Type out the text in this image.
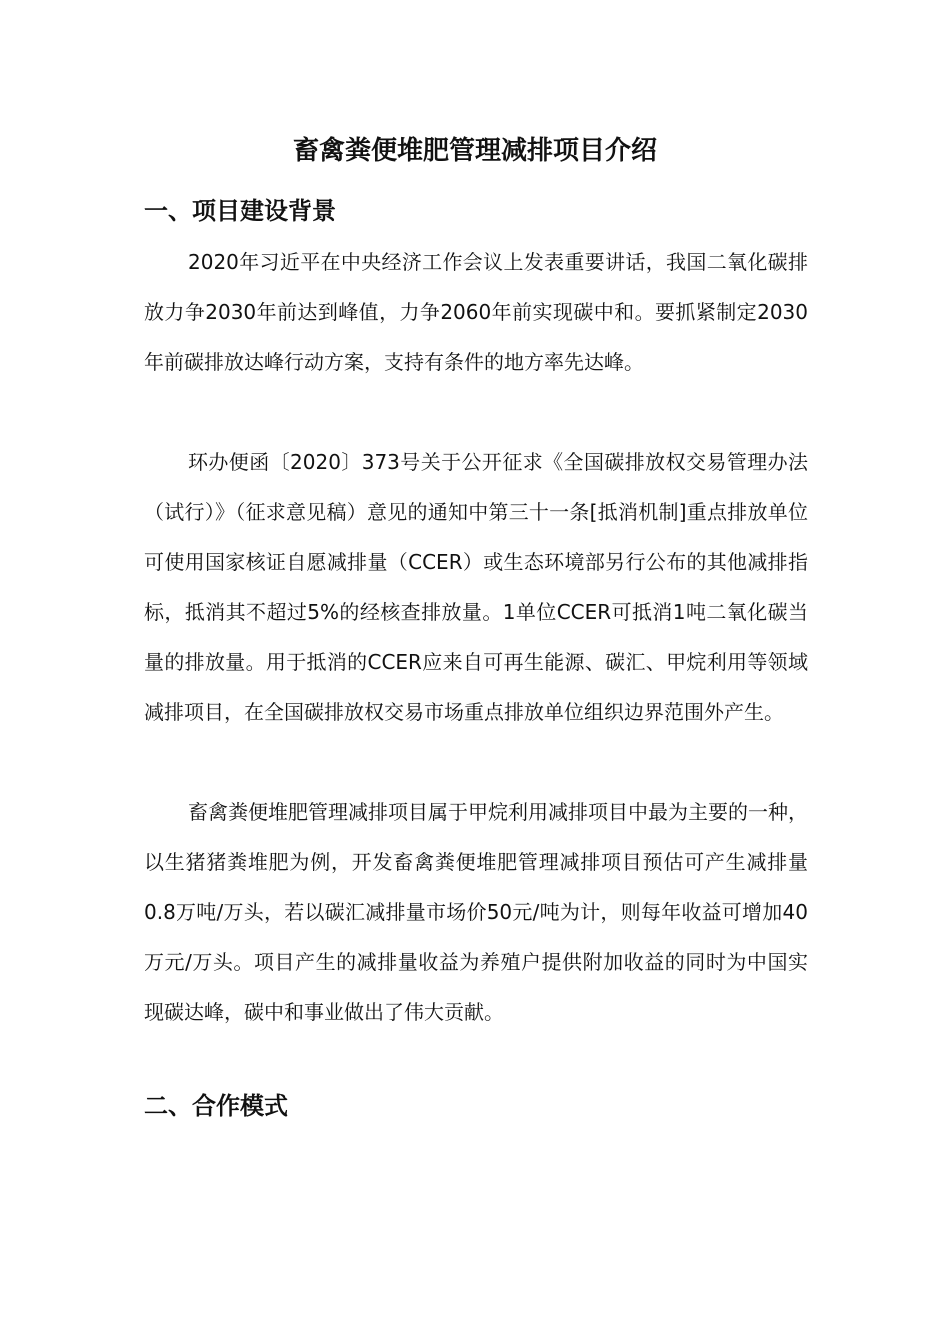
畜禽粪便堆肥管理减排项目介绍
一、项目建设背景

2020年习近平在中央经济工作会议上发表重要讲话，我国二氧化碳排放力争2030年前达到峰值，力争2060年前实现碳中和。要抓紧制定2030年前碳排放达峰行动方案，支持有条件的地方率先达峰。

环办便函〔2020〕373号关于公开征求《全国碳排放权交易管理办法（试行）》（征求意见稿）意见的通知中第三十一条[抵消机制]重点排放单位可使用国家核证自愿减排量（CCER）或生态环境部另行公布的其他减排指标，抵消其不超过5%的经核查排放量。1单位CCER可抵消1吨二氧化碳当量的排放量。用于抵消的CCER应来自可再生能源、碳汇、甲烷利用等领域减排项目，在全国碳排放权交易市场重点排放单位组织边界范围外产生。

畜禽粪便堆肥管理减排项目属于甲烷利用减排项目中最为主要的一种，以生猪猪粪堆肥为例，开发畜禽粪便堆肥管理减排项目预估可产生减排量0.8万吨/万头，若以碳汇减排量市场价50元/吨为计，则每年收益可增加40万元/万头。项目产生的减排量收益为养殖户提供附加收益的同时为中国实现碳达峰，碳中和事业做出了伟大贡献。

二、合作模式
